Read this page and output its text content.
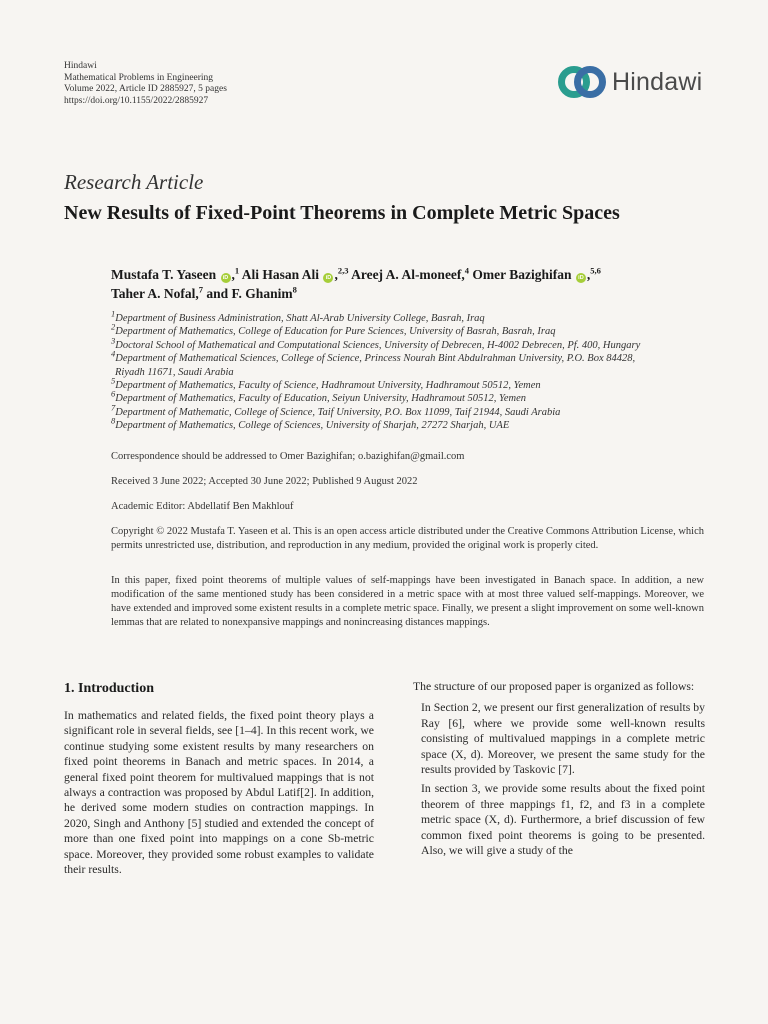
Hindawi
Mathematical Problems in Engineering
Volume 2022, Article ID 2885927, 5 pages
https://doi.org/10.1155/2022/2885927
Hindawi
Research Article
New Results of Fixed-Point Theorems in Complete Metric Spaces
Mustafa T. Yaseen iD ,$^1$ Ali Hasan Ali iD ,$^{2,3}$ Areej A. Al-moneef,$^4$ Omer Bazighifan iD ,$^{5,6}$
Taher A. Nofal,$^7$ and F. Ghanim$^8$
$^1$Department of Business Administration, Shatt Al-Arab University College, Basrah, Iraq
$^2$Department of Mathematics, College of Education for Pure Sciences, University of Basrah, Basrah, Iraq
$^3$Doctoral School of Mathematical and Computational Sciences, University of Debrecen, H-4002 Debrecen, Pf. 400, Hungary
$^4$Department of Mathematical Sciences, College of Science, Princess Nourah Bint Abdulrahman University, P.O. Box 84428,
Riyadh 11671, Saudi Arabia
$^5$Department of Mathematics, Faculty of Science, Hadhramout University, Hadhramout 50512, Yemen
$^6$Department of Mathematics, Faculty of Education, Seiyun University, Hadhramout 50512, Yemen
$^7$Department of Mathematic, College of Science, Taif University, P.O. Box 11099, Taif 21944, Saudi Arabia
$^8$Department of Mathematics, College of Sciences, University of Sharjah, 27272 Sharjah, UAE
Correspondence should be addressed to Omer Bazighifan; o.bazighifan@gmail.com
Received 3 June 2022; Accepted 30 June 2022; Published 9 August 2022
Academic Editor: Abdellatif Ben Makhlouf
Copyright © 2022 Mustafa T. Yaseen et al. This is an open access article distributed under the Creative Commons Attribution License, which permits unrestricted use, distribution, and reproduction in any medium, provided the original work is properly cited.
In this paper, fixed point theorems of multiple values of self-mappings have been investigated in Banach space. In addition, a new modification of the same mentioned study has been considered in a metric space with at most three valued self-mappings. Moreover, we have extended and improved some existent results in a complete metric space. Finally, we present a slight improvement on some well-known lemmas that are related to nonexpansive mappings and nonincreasing distances mappings.
1. Introduction
In mathematics and related fields, the fixed point theory plays a significant role in several fields, see [1–4]. In this recent work, we continue studying some existent results by many researchers on fixed point theorems in Banach and metric spaces. In 2014, a general fixed point theorem for multivalued mappings that is not always a contraction was proposed by Abdul Latif[2]. In addition, he derived some modern studies on contraction mappings. In 2020, Singh and Anthony [5] studied and extended the concept of more than one fixed point into mappings on a cone Sb-metric space. Moreover, they provided some robust examples to validate their results.
The structure of our proposed paper is organized as follows:
In Section 2, we present our first generalization of results by Ray [6], where we provide some well-known results consisting of multivalued mappings in a complete metric space (X, d). Moreover, we present the same study for the results provided by Taskovic [7].
In section 3, we provide some results about the fixed point theorem of three mappings f1, f2, and f3 in a complete metric space (X, d). Furthermore, a brief discussion of few common fixed point theorems is going to be presented. Also, we will give a study of the
